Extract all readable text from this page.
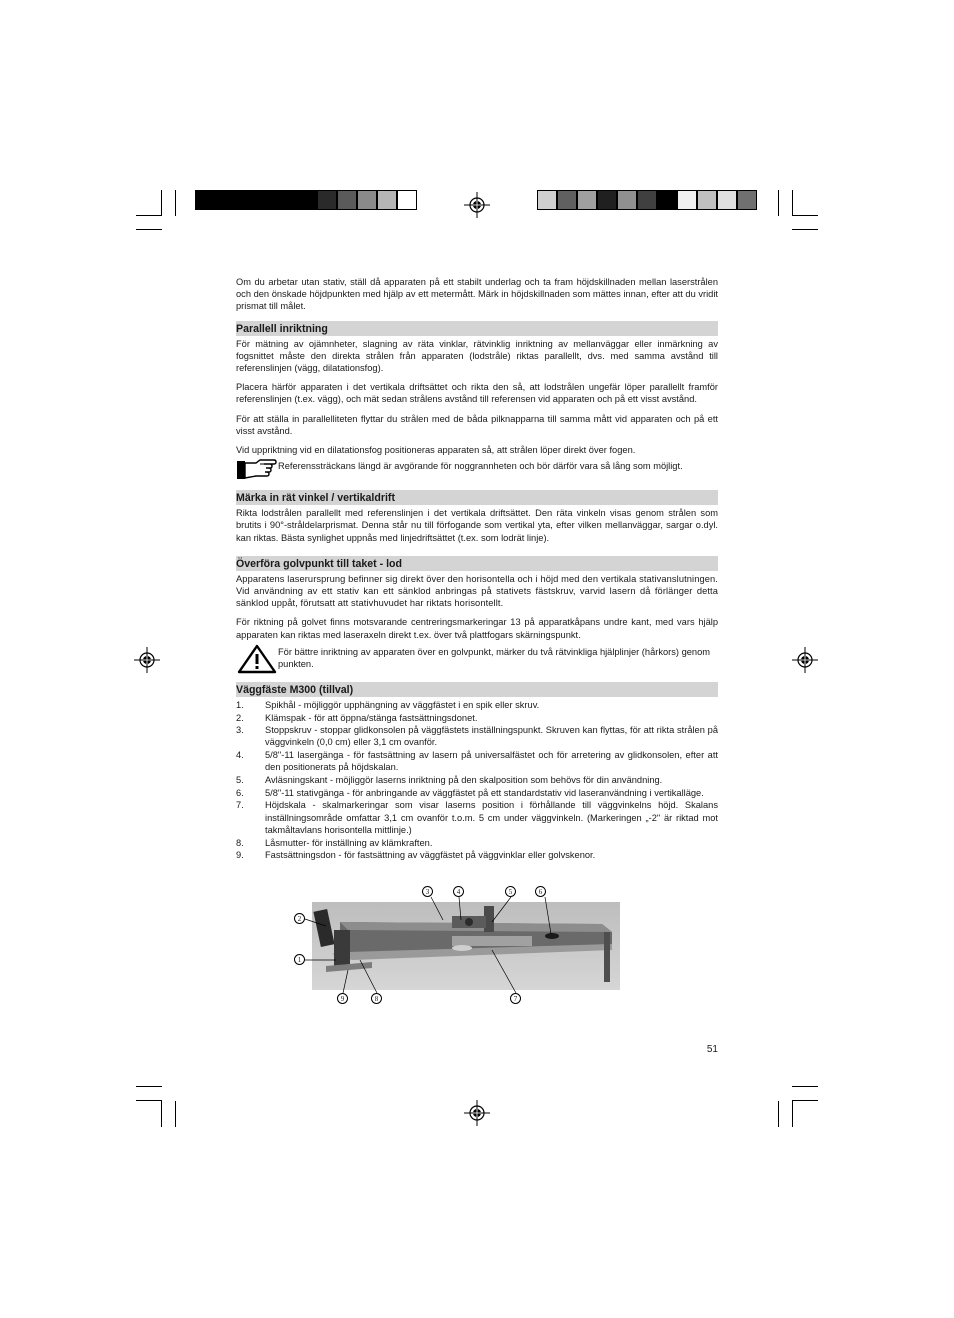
Om du arbetar utan stativ, ställ då apparaten på ett stabilt underlag och ta fram höjdskillnaden mellan laserstrålen och den önskade höjdpunkten med hjälp av ett metermått. Märk in höjdskillnaden som mättes innan, efter att du vridit prismat till målet.

Parallell inriktning

För mätning av ojämnheter, slagning av räta vinklar, rätvinklig inriktning av mellanväggar eller inmärkning av fogsnittet måste den direkta strålen från apparaten (lodstråle) riktas parallellt, dvs. med samma avstånd till referenslinjen (vägg, dilatationsfog).

Placera härför apparaten i det vertikala driftsättet och rikta den så, att lodstrålen ungefär löper parallellt framför referenslinjen (t.ex. vägg), och mät sedan strålens avstånd till referensen vid apparaten och på ett visst avstånd.

För att ställa in parallelliteten flyttar du strålen med de båda pilknapparna till samma mått vid apparaten och på ett visst avstånd.

Vid uppriktning vid en dilatationsfog positioneras apparaten så, att strålen löper direkt över fogen.

Referenssträckans längd är avgörande för noggrannheten och bör därför vara så lång som möjligt.
Märka in rät vinkel / vertikaldrift

Rikta lodstrålen parallellt med referenslinjen i det vertikala driftsättet. Den räta vinkeln visas genom strålen som brutits i 90°-stråldelarprismat. Denna står nu till förfogande som vertikal yta, efter vilken mellanväggar, sargar o.dyl. kan riktas. Bästa synlighet uppnås med linjedriftsättet (t.ex. som lodrät linje).

Överföra golvpunkt till taket - lod

Apparatens laserursprung befinner sig direkt över den horisontella och i höjd med den vertikala stativanslutningen. Vid användning av ett stativ kan ett sänklod anbringas på stativets fästskruv, varvid lasern då förlänger detta sänklod uppåt, förutsatt att stativhuvudet har riktats horisontellt.

För riktning på golvet finns motsvarande centreringsmarkeringar 13 på apparatkåpans undre kant, med vars hjälp apparaten kan riktas med laseraxeln direkt t.ex. över två plattfogars skärningspunkt.

För bättre inriktning av apparaten över en golvpunkt, märker du två rätvinkliga hjälplinjer (hårkors) genom punkten.
Väggfäste M300 (tillval)
1.	Spikhål - möjliggör upphängning av väggfästet i en spik eller skruv.
2.	Klämspak - för att öppna/stänga fastsättningsdonet.
3.	Stoppskruv - stoppar glidkonsolen på väggfästets inställningspunkt. Skruven kan flyttas, för att rikta strålen på väggvinkeln (0,0 cm) eller 3,1 cm ovanför.
4.	5/8"-11 lasergänga - för fastsättning av lasern på universalfästet och för arretering av glidkonsolen, efter att den positionerats på höjdskalan.
5.	Avläsningskant - möjliggör laserns inriktning på den skalposition som behövs för din användning.
6.	5/8"-11 stativgänga - för anbringande av väggfästet på ett standardstativ vid laseranvändning i vertikalläge.
7.	Höjdskala - skalmarkeringar som visar laserns position i förhållande till väggvinkelns höjd. Skalans inställningsområde omfattar 3,1 cm ovanför t.o.m. 5 cm under väggvinkeln. (Markeringen „-2" är riktad mot takmåltavlans horisontella mittlinje.)
8.	Låsmutter- för inställning av klämkraften.
9.	Fastsättningsdon - för fastsättning av väggfästet på väggvinklar eller golvskenor.
3	4	5	6
2
1
9	8	7
51
